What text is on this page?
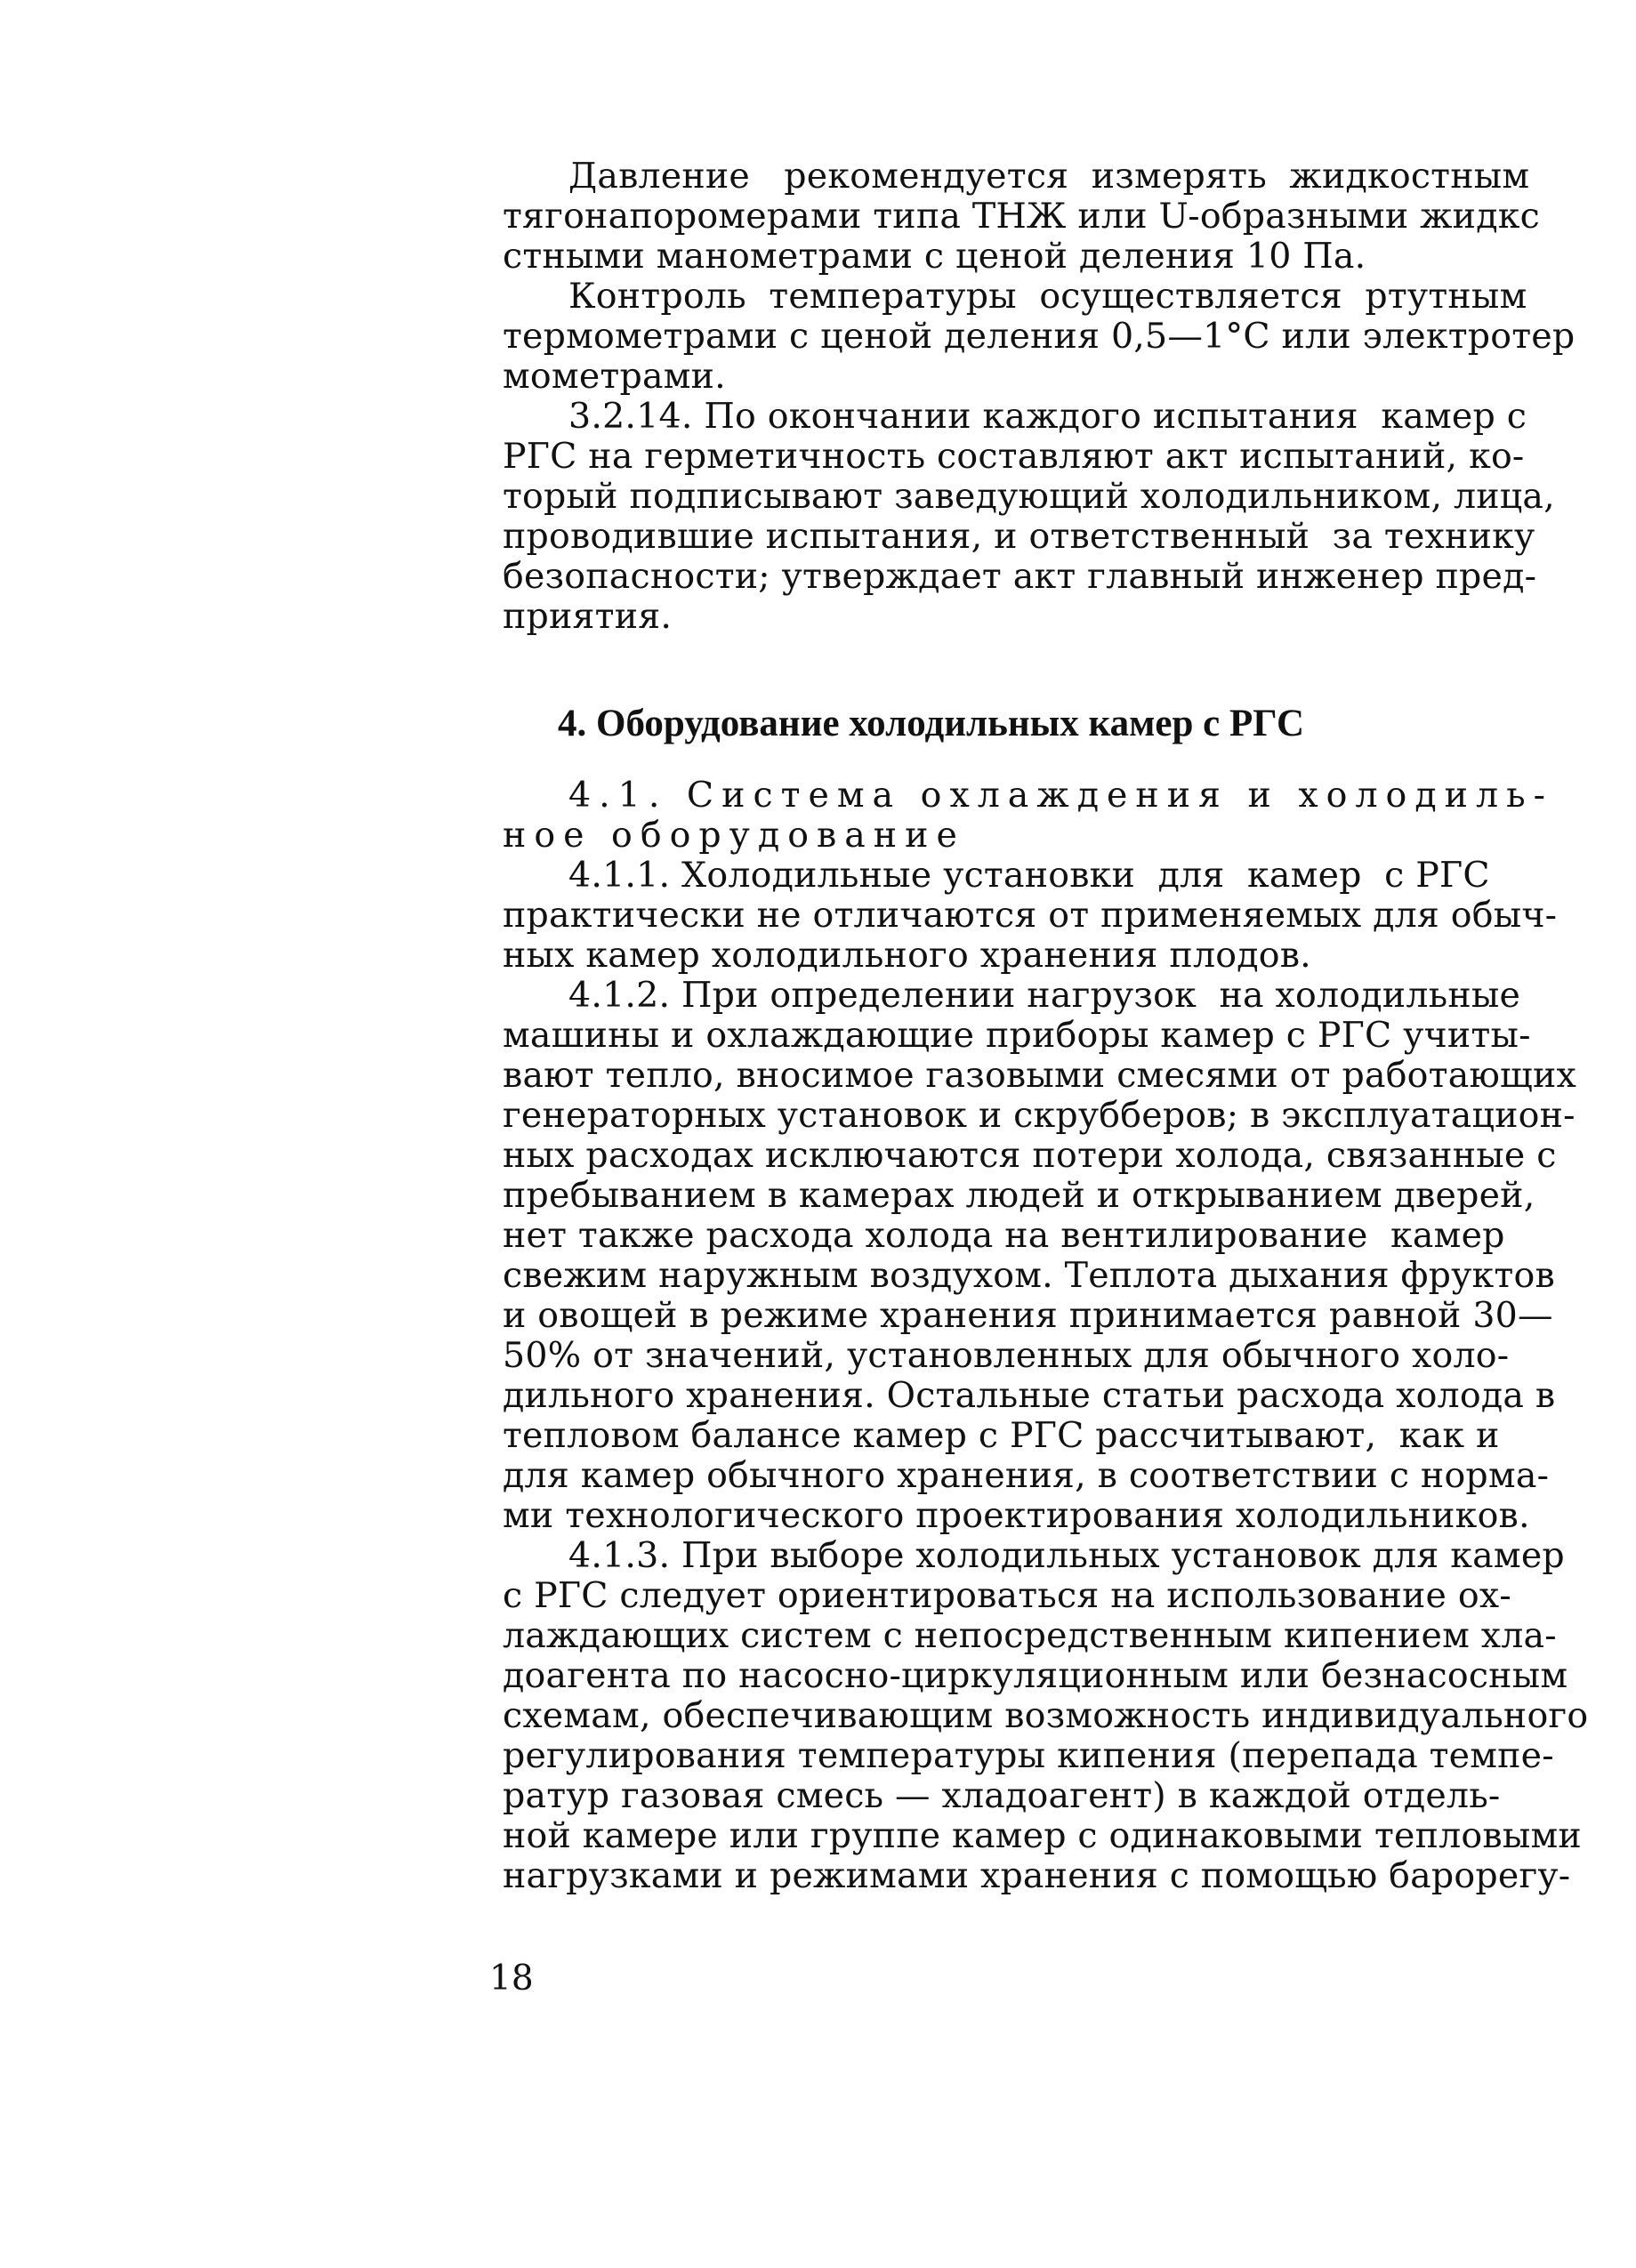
Давление   рекомендуется  измерять  жидкостным
тягонапоромерами типа ТНЖ или U-образными жидкс
стными манометрами с ценой деления 10 Па.
Контроль  температуры  осуществляется  ртутным
термометрами с ценой деления 0,5—1°С или электротер
мометрами.
3.2.14. По окончании каждого испытания  камер с
РГС на герметичность составляют акт испытаний, ко-
торый подписывают заведующий холодильником, лица,
проводившие испытания, и ответственный  за технику
безопасности; утверждает акт главный инженер пред-
приятия.
4. Оборудование холодильных камер с РГС
4.1. Система охлаждения и холодиль-
ное оборудование
4.1.1. Холодильные установки  для  камер  с РГС
практически не отличаются от применяемых для обыч-
ных камер холодильного хранения плодов.
4.1.2. При определении нагрузок  на холодильные
машины и охлаждающие приборы камер с РГС учиты-
вают тепло, вносимое газовыми смесями от работающих
генераторных установок и скрубберов; в эксплуатацион-
ных расходах исключаются потери холода, связанные с
пребыванием в камерах людей и открыванием дверей,
нет также расхода холода на вентилирование  камер
свежим наружным воздухом. Теплота дыхания фруктов
и овощей в режиме хранения принимается равной 30—
50% от значений, установленных для обычного холо-
дильного хранения. Остальные статьи расхода холода в
тепловом балансе камер с РГС рассчитывают,  как и
для камер обычного хранения, в соответствии с норма-
ми технологического проектирования холодильников.
4.1.3. При выборе холодильных установок для камер
с РГС следует ориентироваться на использование ох-
лаждающих систем с непосредственным кипением хла-
доагента по насосно-циркуляционным или безнасосным
схемам, обеспечивающим возможность индивидуального
регулирования температуры кипения (перепада темпе-
ратур газовая смесь — хладоагент) в каждой отдель-
ной камере или группе камер с одинаковыми тепловыми
нагрузками и режимами хранения с помощью барорегу-
18
